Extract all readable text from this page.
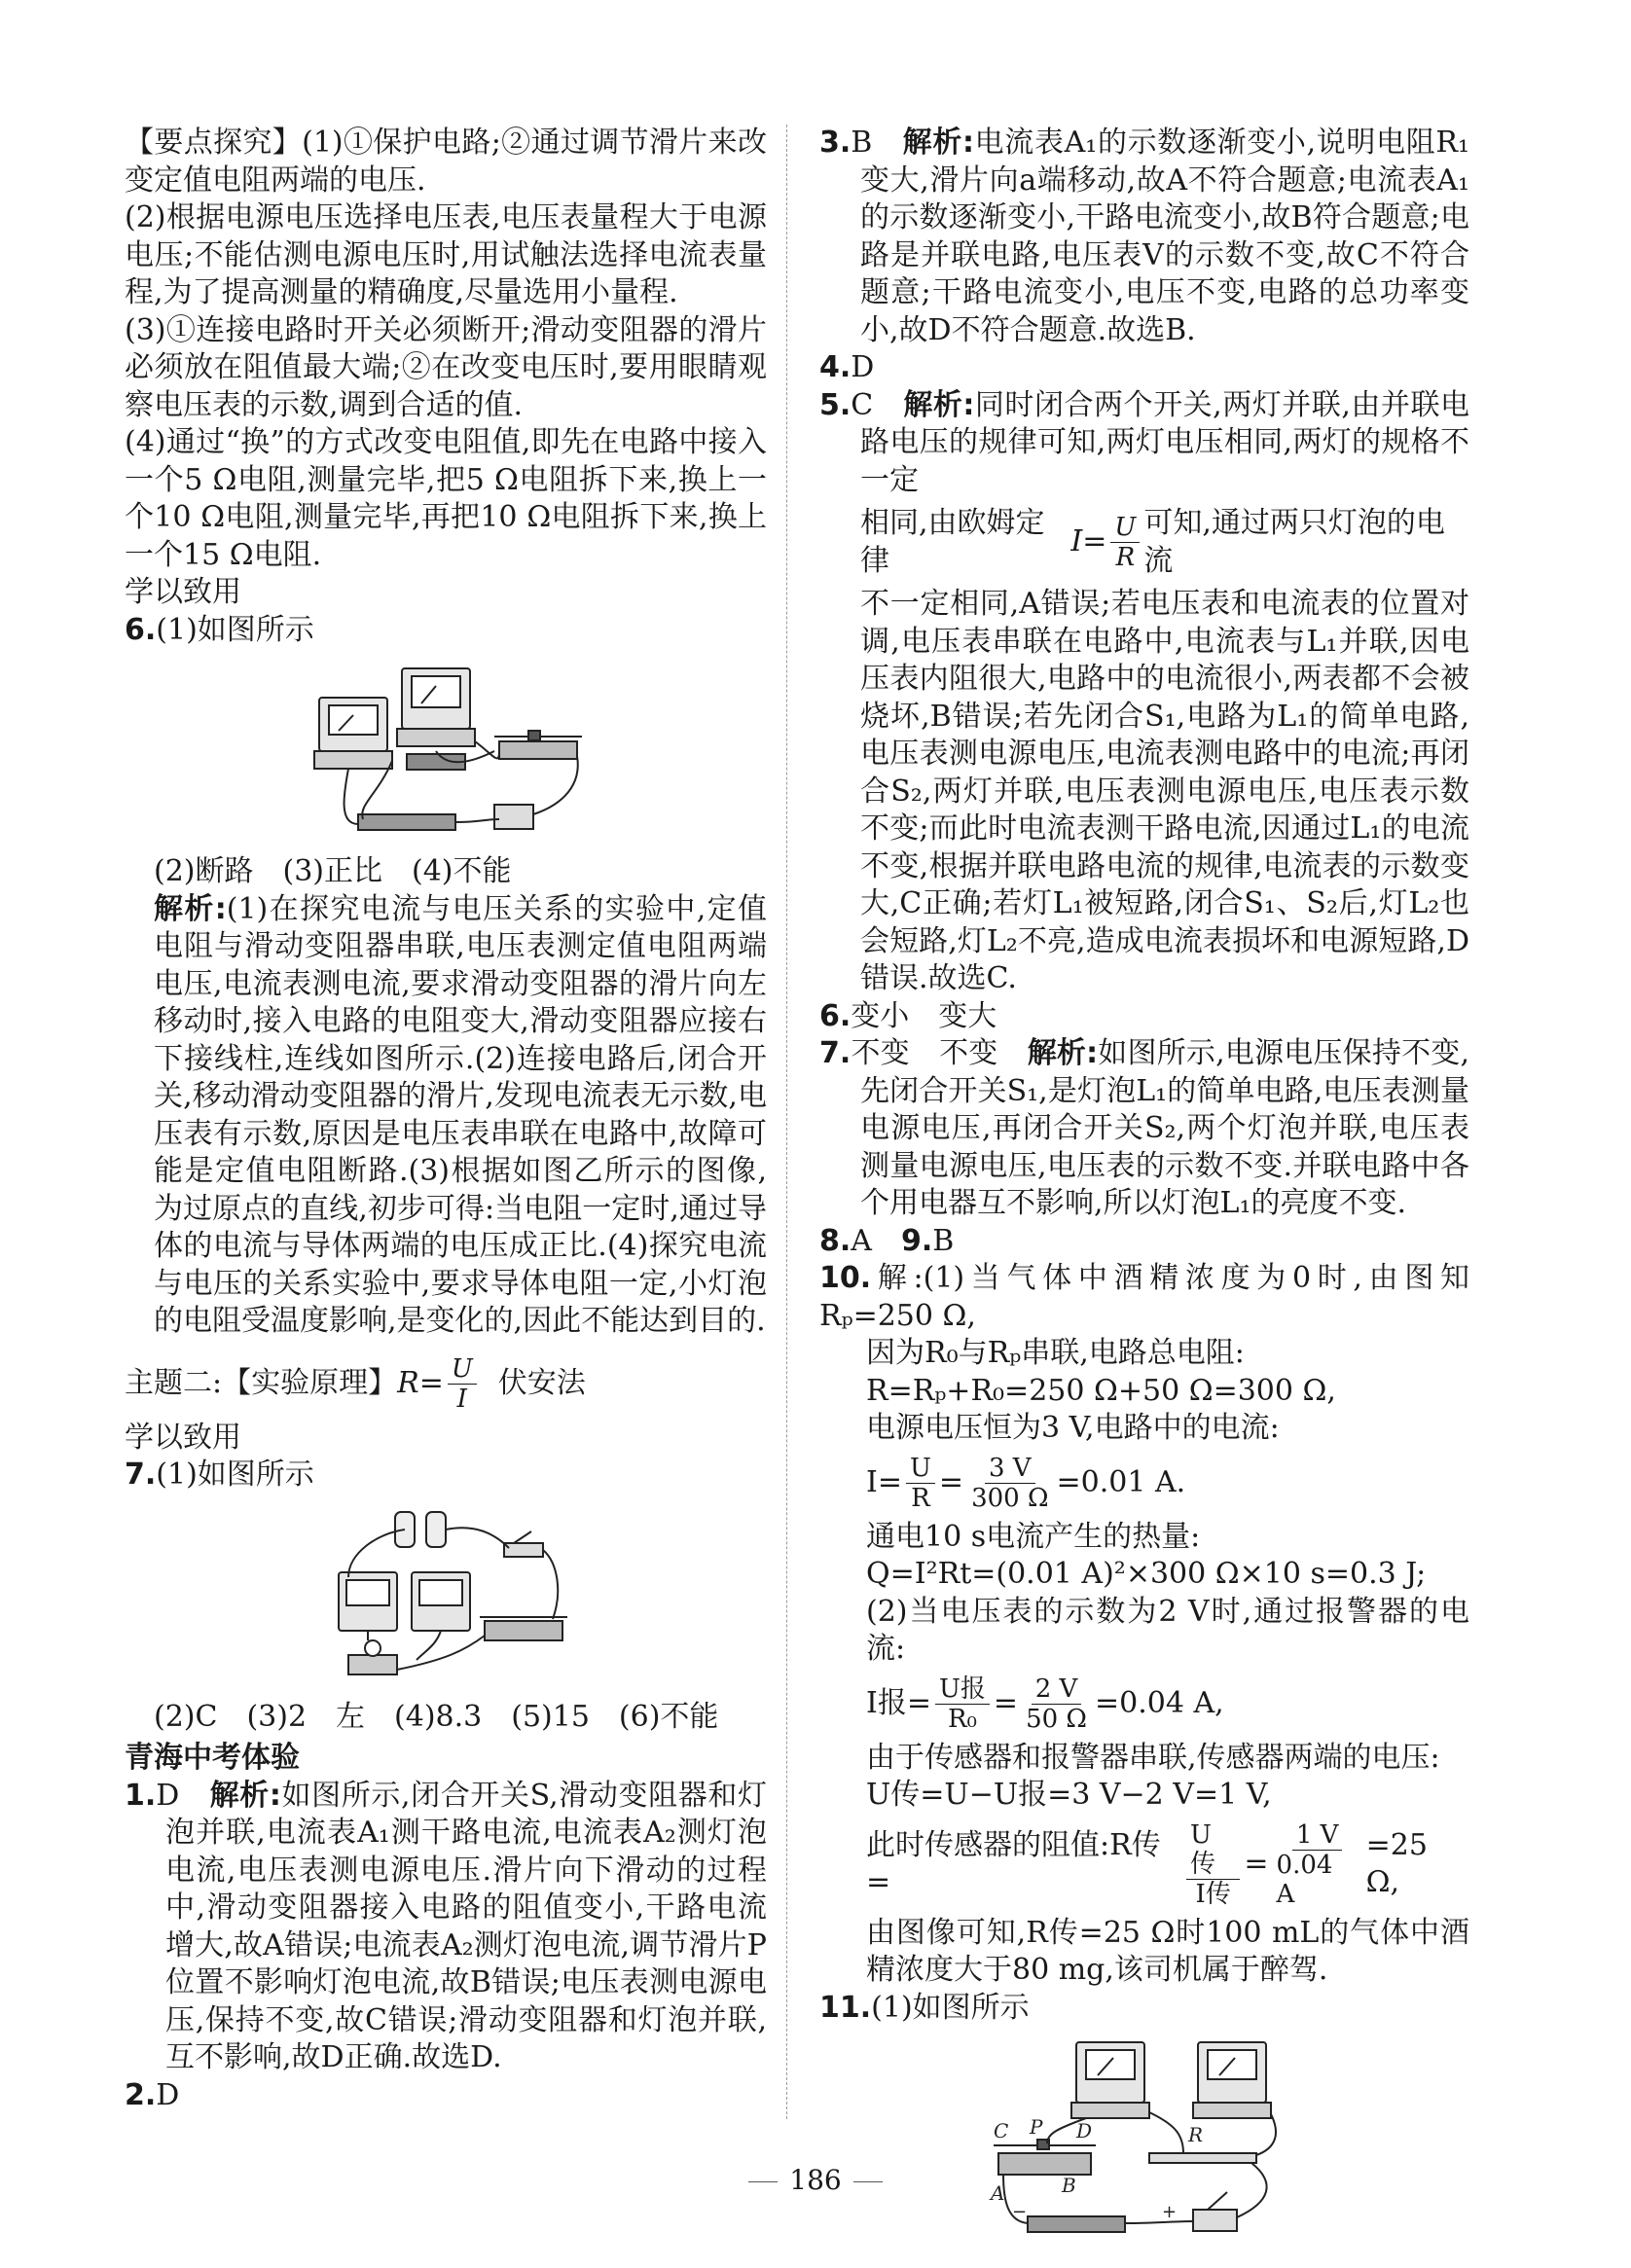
【要点探究】(1)①保护电路;②通过调节滑片来改变定值电阻两端的电压.

(2)根据电源电压选择电压表,电压表量程大于电源电压;不能估测电源电压时,用试触法选择电流表量程,为了提高测量的精确度,尽量选用小量程.

(3)①连接电路时开关必须断开;滑动变阻器的滑片必须放在阻值最大端;②在改变电压时,要用眼睛观察电压表的示数,调到合适的值.

(4)通过“换”的方式改变电阻值,即先在电路中接入一个5 Ω电阻,测量完毕,把5 Ω电阻拆下来,换上一个10 Ω电阻,测量完毕,再把10 Ω电阻拆下来,换上一个15 Ω电阻.

学以致用

6.(1)如图所示

(2)断路　(3)正比　(4)不能

解析:(1)在探究电流与电压关系的实验中,定值电阻与滑动变阻器串联,电压表测定值电阻两端电压,电流表测电流,要求滑动变阻器的滑片向左移动时,接入电路的电阻变大,滑动变阻器应接右下接线柱,连线如图所示.(2)连接电路后,闭合开关,移动滑动变阻器的滑片,发现电流表无示数,电压表有示数,原因是电压表串联在电路中,故障可能是定值电阻断路.(3)根据如图乙所示的图像,为过原点的直线,初步可得:当电阻一定时,通过导体的电流与导体两端的电压成正比.(4)探究电流与电压的关系实验中,要求导体电阻一定,小灯泡的电阻受温度影响,是变化的,因此不能达到目的.

主题二:【实验原理】 $R = \frac{U}{I}$ 伏安法

学以致用

7.(1)如图所示

(2)C　(3)2　左　(4)8.3　(5)15　(6)不能

青海中考体验

1.D　 解析:如图所示,闭合开关S,滑动变阻器和灯泡并联,电流表A₁测干路电流,电流表A₂测灯泡电流,电压表测电源电压.滑片向下滑动的过程中,滑动变阻器接入电路的阻值变小,干路电流增大,故A错误;电流表A₂测灯泡电流,调节滑片P位置不影响灯泡电流,故B错误;电压表测电源电压,保持不变,故C错误;滑动变阻器和灯泡并联,互不影响,故D正确.故选D.

2.D

3.B　 解析:电流表A₁的示数逐渐变小,说明电阻R₁变大,滑片向a端移动,故A不符合题意;电流表A₁的示数逐渐变小,干路电流变小,故B符合题意;电路是并联电路,电压表V的示数不变,故C不符合题意;干路电流变小,电压不变,电路的总功率变小,故D不符合题意.故选B.

4.D

5.C　 解析:同时闭合两个开关,两灯并联,由并联电路电压的规律可知,两灯电压相同,两灯的规格不一定

相同,由欧姆定律
$I = \frac{U}{R}$ 可知,通过两只灯泡的电流

不一定相同,A错误;若电压表和电流表的位置对调,电压表串联在电路中,电流表与L₁并联,因电压表内阻很大,电路中的电流很小,两表都不会被烧坏,B错误;若先闭合S₁,电路为L₁的简单电路,电压表测电源电压,电流表测电路中的电流;再闭合S₂,两灯并联,电压表测电源电压,电压表示数不变;而此时电流表测干路电流,因通过L₁的电流不变,根据并联电路电流的规律,电流表的示数变大,C正确;若灯L₁被短路,闭合S₁、S₂后,灯L₂也会短路,灯L₂不亮,造成电流表损坏和电源短路,D错误.故选C.

6.变小　变大

7.不变　不变　 解析:如图所示,电源电压保持不变,先闭合开关S₁,是灯泡L₁的简单电路,电压表测量电源电压,再闭合开关S₂,两个灯泡并联,电压表测量电源电压,电压表的示数不变.并联电路中各个用电器互不影响,所以灯泡L₁的亮度不变.

8.A　 9.B

10.解:(1)当气体中酒精浓度为0时,由图知Rₚ=250 Ω,

因为R₀与Rₚ串联,电路总电阻:

R=Rₚ+R₀=250 Ω+50 Ω=300 Ω,

电源电压恒为3 V,电路中的电流:

$I= \frac{U}{R} = \frac{3 V}{300 \Omega} =0.01$ A.

通电10 s电流产生的热量:

Q=I²Rt=(0.01 A)²×300 Ω×10 s=0.3 J;

(2)当电压表的示数为2 V时,通过报警器的电流:

I报= $\frac{\text{U报}}{\text{R₀}} = \frac{2 V}{50 \Omega} =0.04$ A,

由于传感器和报警器串联,传感器两端的电压:

U传=U−U报=3 V−2 V=1 V,

此时传感器的阻值:R传=	$\frac{\text{U传}}{\text{I传}} = \frac{1 V}{0.04 A} =25$ Ω,

由图像可知,R传=25 Ω时100 mL的气体中酒精浓度大于80 mg,该司机属于醉驾.

11.(1)如图所示

C P D
A	B
R
+
−
186
